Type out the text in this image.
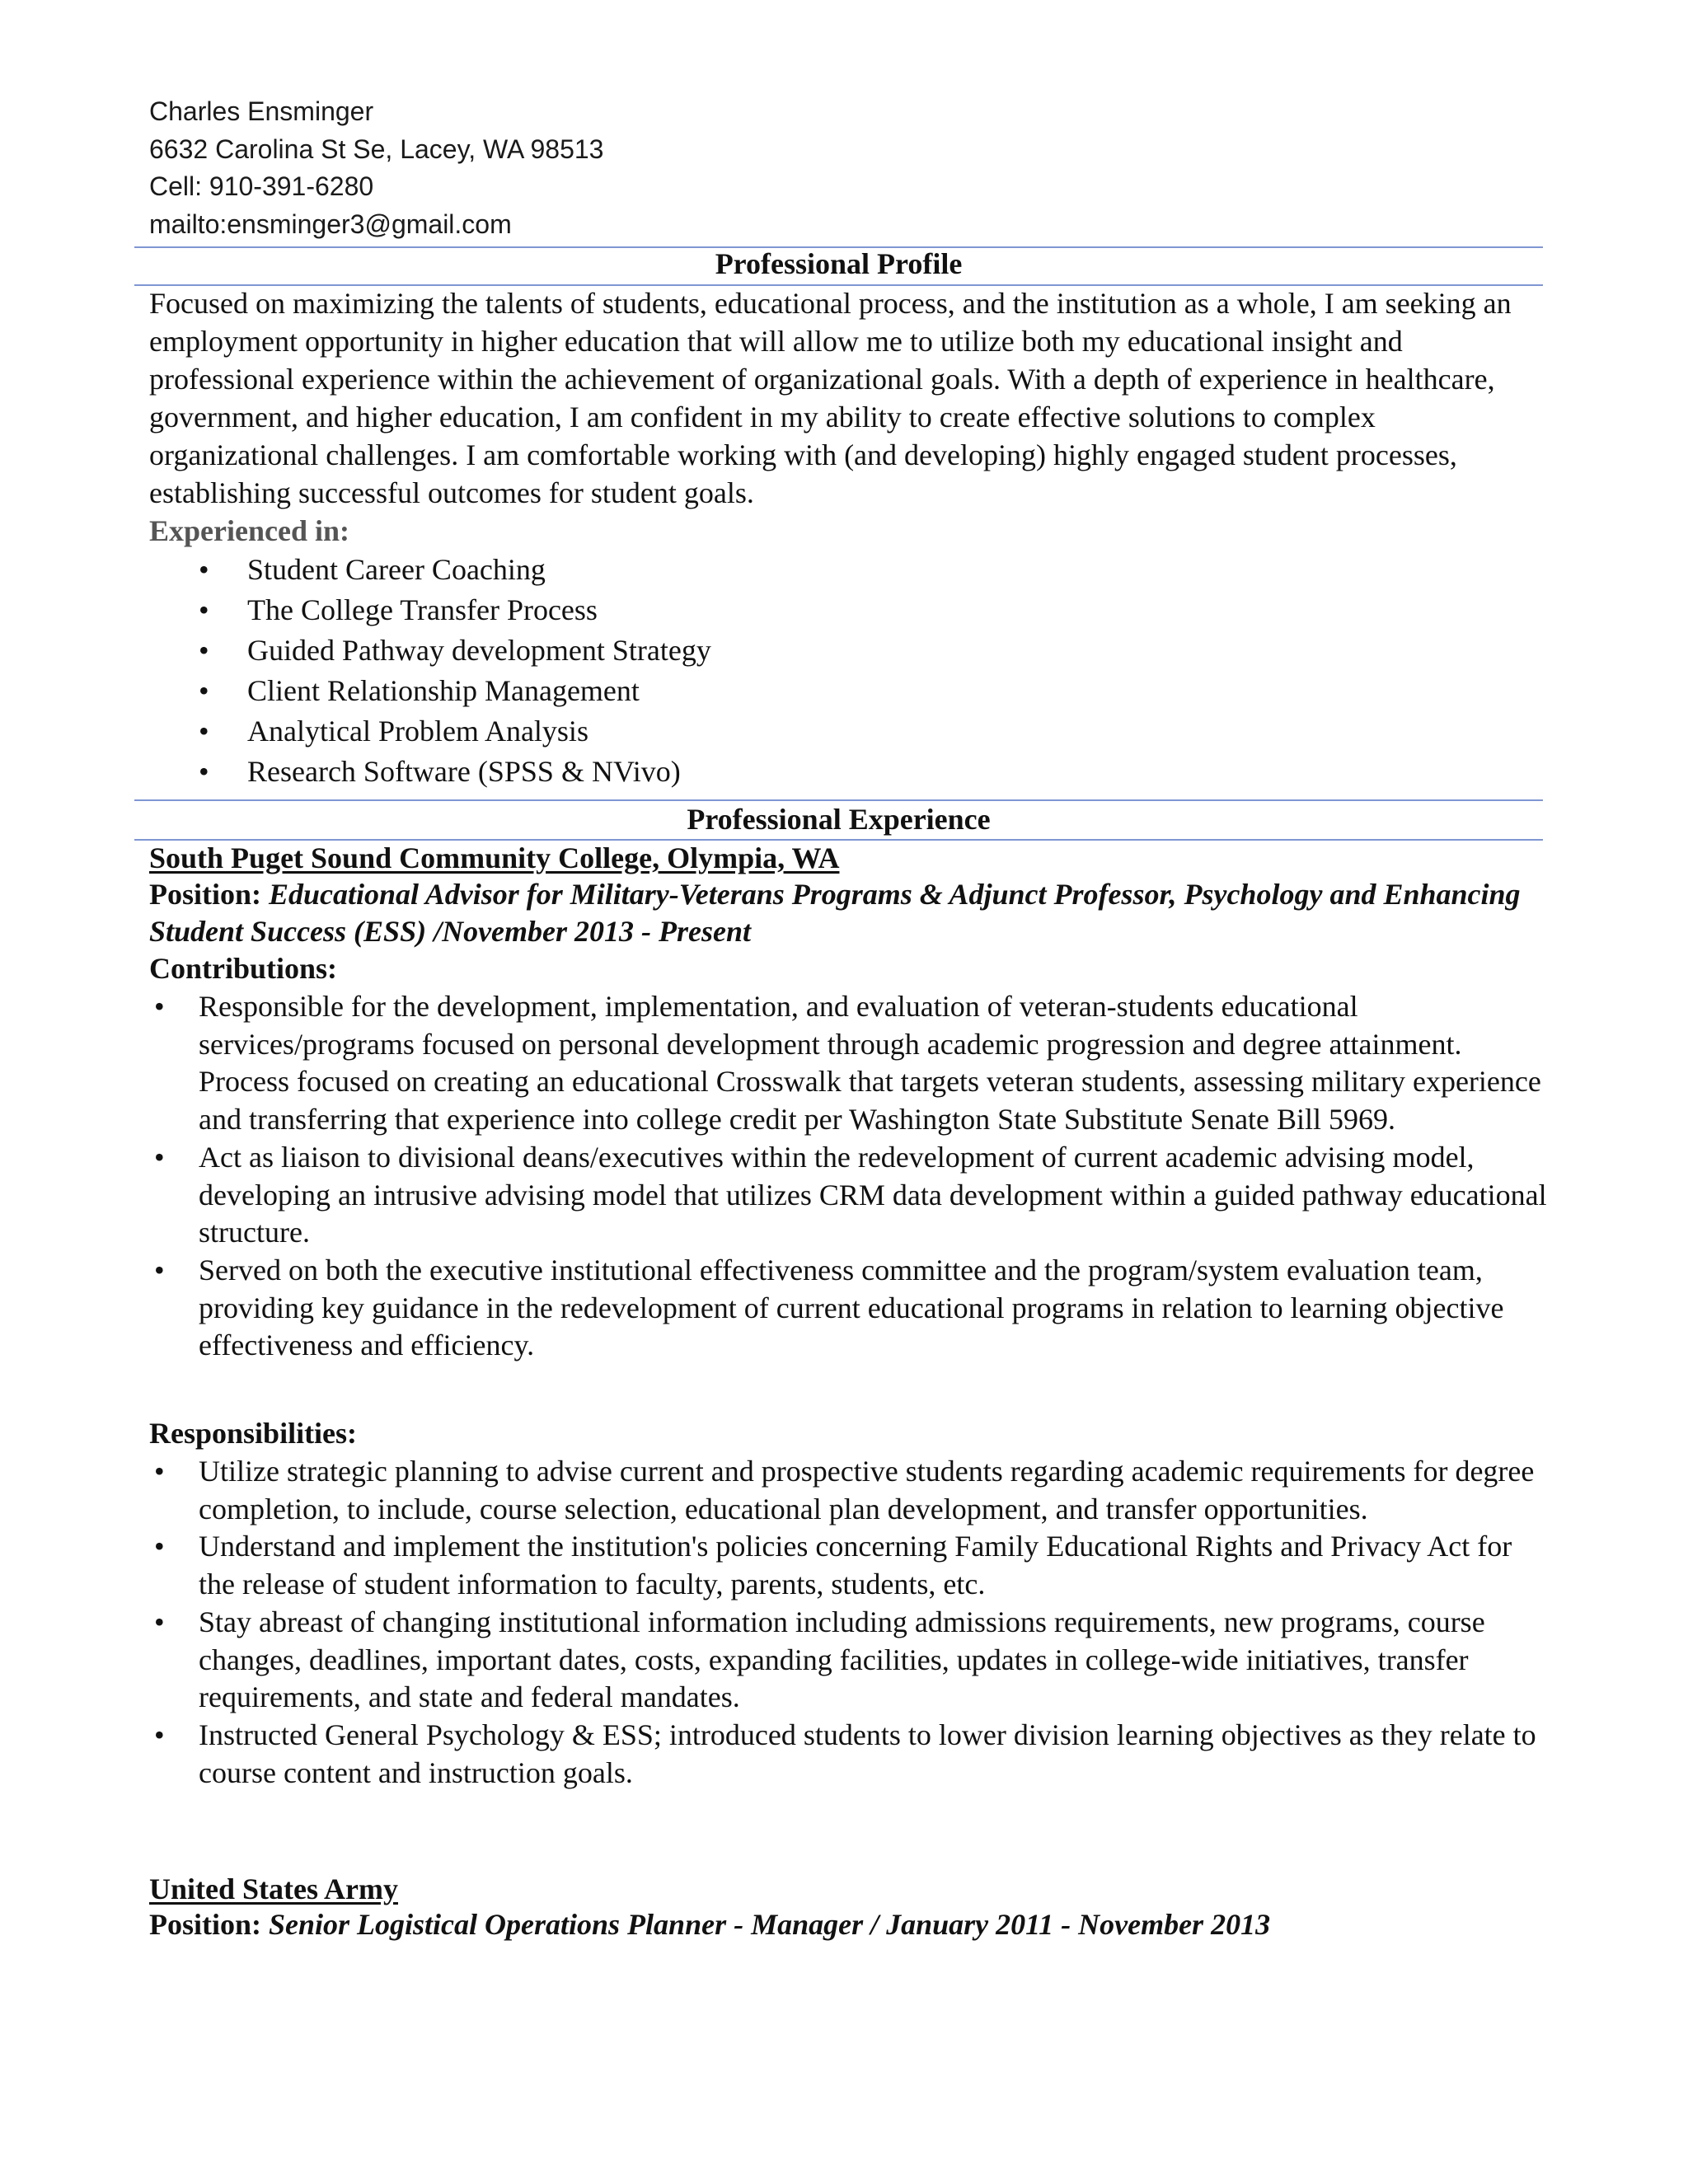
Charles Ensminger
6632 Carolina St Se, Lacey, WA 98513
Cell: 910-391-6280
mailto:ensminger3@gmail.com
Professional Profile
Focused on maximizing the talents of students, educational process, and the institution as a whole, I am seeking an employment opportunity in higher education that will allow me to utilize both my educational insight and professional experience within the achievement of organizational goals. With a depth of experience in healthcare, government, and higher education, I am confident in my ability to create effective solutions to complex organizational challenges. I am comfortable working with (and developing) highly engaged student processes, establishing successful outcomes for student goals.
Experienced in:
• Student Career Coaching
• The College Transfer Process
• Guided Pathway development Strategy
• Client Relationship Management
• Analytical Problem Analysis
• Research Software (SPSS & NVivo)
Professional Experience
South Puget Sound Community College, Olympia, WA
Position: Educational Advisor for Military-Veterans Programs & Adjunct Professor, Psychology and Enhancing Student Success (ESS) /November 2013 - Present
Contributions:
• Responsible for the development, implementation, and evaluation of veteran-students educational services/programs focused on personal development through academic progression and degree attainment. Process focused on creating an educational Crosswalk that targets veteran students, assessing military experience and transferring that experience into college credit per Washington State Substitute Senate Bill 5969.
• Act as liaison to divisional deans/executives within the redevelopment of current academic advising model, developing an intrusive advising model that utilizes CRM data development within a guided pathway educational structure.
• Served on both the executive institutional effectiveness committee and the program/system evaluation team, providing key guidance in the redevelopment of current educational programs in relation to learning objective effectiveness and efficiency.
Responsibilities:
• Utilize strategic planning to advise current and prospective students regarding academic requirements for degree completion, to include, course selection, educational plan development, and transfer opportunities.
• Understand and implement the institution's policies concerning Family Educational Rights and Privacy Act for the release of student information to faculty, parents, students, etc.
• Stay abreast of changing institutional information including admissions requirements, new programs, course changes, deadlines, important dates, costs, expanding facilities, updates in college-wide initiatives, transfer requirements, and state and federal mandates.
• Instructed General Psychology & ESS; introduced students to lower division learning objectives as they relate to course content and instruction goals.
United States Army
Position: Senior Logistical Operations Planner - Manager / January 2011 - November 2013
